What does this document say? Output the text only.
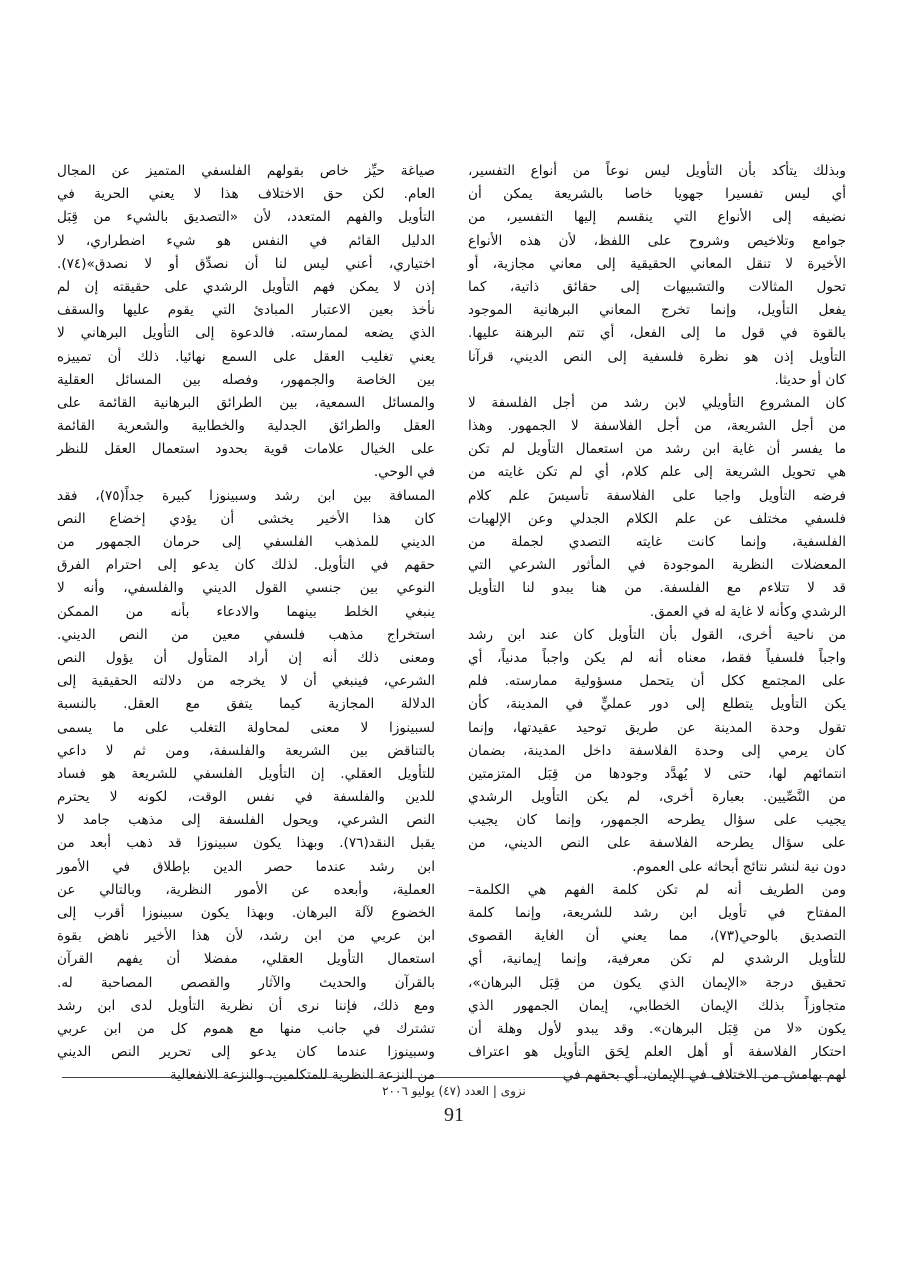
وبذلك يتأكد بأن التأويل ليس نوعاً من أنواع التفسير،
أي ليس تفسيرا جهويا خاصا بالشريعة يمكن أن
نضيفه إلى الأنواع التي ينقسم إليها التفسير، من
جوامع وتلاخيص وشروح على اللفظ، لأن هذه الأنواع
الأخيرة لا تنقل المعاني الحقيقية إلى معاني مجازية، أو
تحول المثالات والتشبيهات إلى حقائق ذاتية، كما
يفعل التأويل، وإنما تخرج المعاني البرهانية الموجود
بالقوة في قول ما إلى الفعل، أي تتم البرهنة عليها.
التأويل إذن هو نظرة فلسفية إلى النص الديني، قرآنا
كان أو حديثا.
كان المشروع التأويلي لابن رشد من أجل الفلسفة لا
من أجل الشريعة، من أجل الفلاسفة لا الجمهور. وهذا
ما يفسر أن غاية ابن رشد من استعمال التأويل لم تكن
هي تحويل الشريعة إلى علم كلام، أي لم تكن غايته من
فرضه التأويل واجبا على الفلاسفة تأسيسَ علم كلام
فلسفي مختلف عن علم الكلام الجدلي وعن الإلهيات
الفلسفية، وإنما كانت غايته التصدي لجملة من
المعضلات النظرية الموجودة في المأثور الشرعي التي
قد لا تتلاءم مع الفلسفة. من هنا يبدو لنا التأويل
الرشدي وكأنه لا غاية له في العمق.
من ناحية أخرى، القول بأن التأويل كان عند ابن رشد
واجباً فلسفياً فقط، معناه أنه لم يكن واجباً مدنياً، أي
على المجتمع ككل أن يتحمل مسؤولية ممارسته. فلم
يكن التأويل يتطلع إلى دور عمليٍّ في المدينة، كأن
تقول وحدة المدينة عن طريق توحيد عقيدتها، وإنما
كان يرمي إلى وحدة الفلاسفة داخل المدينة، بضمان
انتمائهم لها، حتى لا يُهدَّد وجودها من قِبَل المتزمتين
من النَّصِّيين. بعبارة أخرى، لم يكن التأويل الرشدي
يجيب على سؤال يطرحه الجمهور، وإنما كان يجيب
على سؤال يطرحه الفلاسفة على النص الديني، من
دون نية لنشر نتائج أبحاثه على العموم.
ومن الطريف أنه لم تكن كلمة الفهم هي الكلمة–
المفتاح في تأويل ابن رشد للشريعة، وإنما كلمة
التصديق بالوحي(٧٣)، مما يعني أن الغاية القصوى
للتأويل الرشدي لم تكن معرفية، وإنما إيمانية، أي
تحقيق درجة «الإيمان الذي يكون من قِبَل البرهان»،
متجاوزاً بذلك الإيمان الخطابي، إيمان الجمهور الذي
يكون «لا من قِبَل البرهان». وقد يبدو لأول وهلة أن
احتكار الفلاسفة أو أهل العلم لِحَق التأويل هو اعتراف
لهم بهامش من الاختلاف في الإيمان، أي بحقهم في
صياغة حيِّز خاص بقولهم الفلسفي المتميز عن المجال
العام. لكن حق الاختلاف هذا لا يعني الحرية في
التأويل والفهم المتعدد، لأن «التصديق بالشيء من قِبَل
الدليل القائم في النفس هو شيء اضطراري، لا
اختياري، أعني ليس لنا أن نصدِّق أو لا نصدق»(٧٤).
إذن لا يمكن فهم التأويل الرشدي على حقيقته إن لم
نأخذ بعين الاعتبار المبادئ التي يقوم عليها والسقف
الذي يضعه لممارسته. فالدعوة إلى التأويل البرهاني لا
يعني تغليب العقل على السمع نهائيا. ذلك أن تمييزه
بين الخاصة والجمهور، وفصله بين المسائل العقلية
والمسائل السمعية، بين الطرائق البرهانية القائمة على
العقل والطرائق الجدلية والخطابية والشعرية القائمة
على الخيال علامات قوية بحدود استعمال العقل للنظر
في الوحي.
المسافة بين ابن رشد وسبينوزا كبيرة جداً(٧٥)، فقد
كان هذا الأخير يخشى أن يؤدي إخضاع النص
الديني للمذهب الفلسفي إلى حرمان الجمهور من
حقهم في التأويل. لذلك كان يدعو إلى احترام الفرق
النوعي بين جنسي القول الديني والفلسفي، وأنه لا
ينبغي الخلط بينهما والادعاء بأنه من الممكن
استخراج مذهب فلسفي معين من النص الديني.
ومعنى ذلك أنه إن أراد المتأول أن يؤول النص
الشرعي، فينبغي أن لا يخرجه من دلالته الحقيقية إلى
الدلالة المجازية كيما يتفق مع العقل. بالنسبة
لسبينوزا لا معنى لمحاولة التغلب على ما يسمى
بالتناقض بين الشريعة والفلسفة، ومن ثم لا داعي
للتأويل العقلي. إن التأويل الفلسفي للشريعة هو فساد
للدين والفلسفة في نفس الوقت، لكونه لا يحترم
النص الشرعي، ويحول الفلسفة إلى مذهب جامد لا
يقبل النقد(٧٦). وبهذا يكون سبينوزا قد ذهب أبعد من
ابن رشد عندما حصر الدين بإطلاق في الأمور
العملية، وأبعده عن الأمور النظرية، وبالتالي عن
الخضوع لآلة البرهان. وبهذا يكون سبينوزا أقرب إلى
ابن عربي من ابن رشد، لأن هذا الأخير ناهض بقوة
استعمال التأويل العقلي، مفضلا أن يفهم القرآن
بالقرآن والحديث والآثار والقصص المصاحبة له.
ومع ذلك، فإننا نرى أن نظرية التأويل لدى ابن رشد
تشترك في جانب منها مع هموم كل من ابن عربي
وسبينوزا عندما كان يدعو إلى تحرير النص الديني
من النزعة النظرية للمتكلمين، والنزعة الانفعالية
نزوى | العدد (٤٧) يوليو ٢٠٠٦
91
